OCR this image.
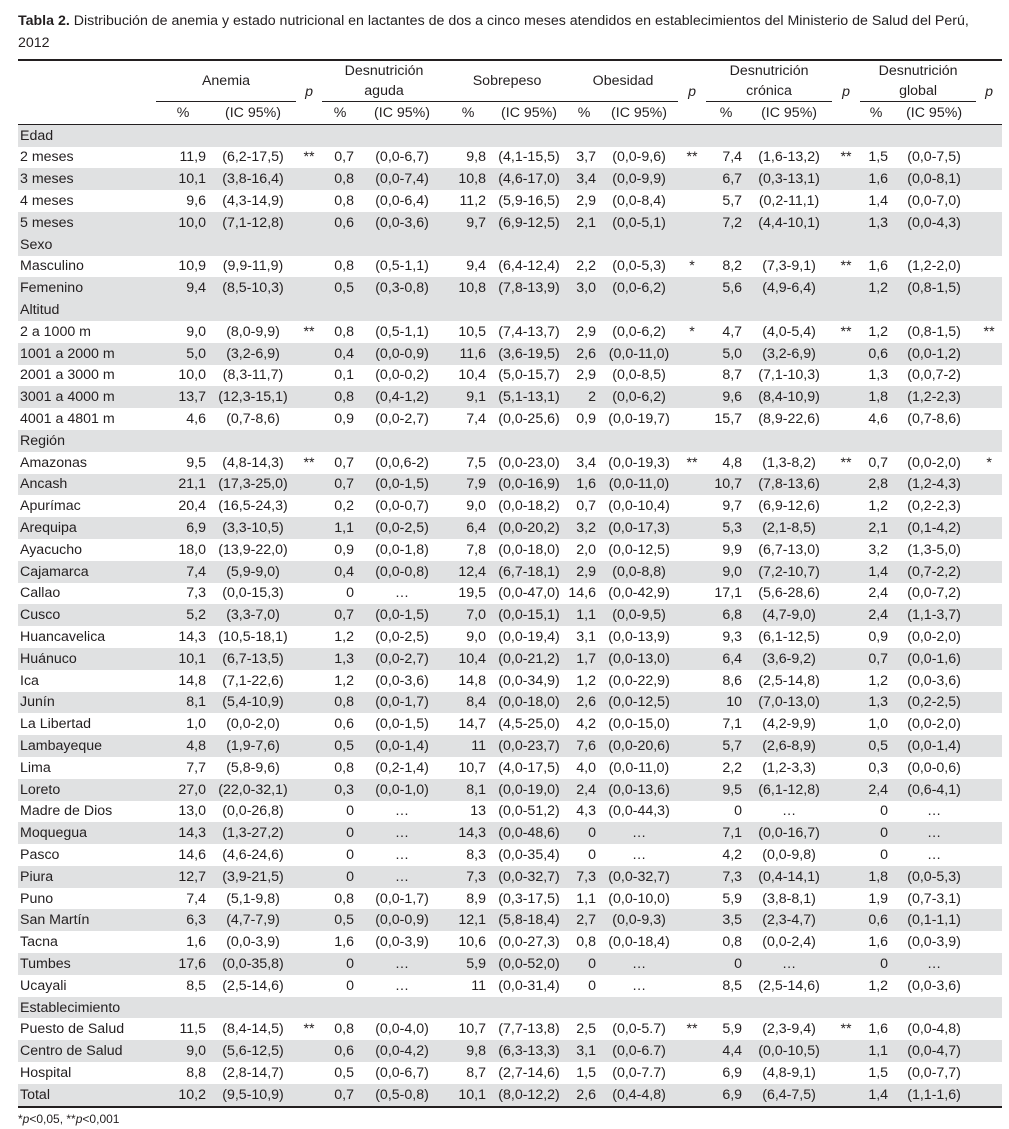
Tabla 2. Distribución de anemia y estado nutricional en lactantes de dos a cinco meses atendidos en establecimientos del Ministerio de Salud del Perú, 2012
	Anemia		p	Desnutrición
aguda		Sobrepeso		Obesidad		p	Desnutrición
crónica		p	Desnutrición
global		p
	%	(IC 95%)		%	(IC 95%)	%	(IC 95%)	%	(IC 95%)		%	(IC 95%)		%	(IC 95%)	
Edad																
2 meses	11,9	(6,2-17,5)	**	0,7	(0,0-6,7)	9,8	(4,1-15,5)	3,7	(0,0-9,6)	**	7,4	(1,6-13,2)	**	1,5	(0,0-7,5)	
3 meses	10,1	(3,8-16,4)		0,8	(0,0-7,4)	10,8	(4,6-17,0)	3,4	(0,0-9,9)		6,7	(0,3-13,1)		1,6	(0,0-8,1)	
4 meses	9,6	(4,3-14,9)		0,8	(0,0-6,4)	11,2	(5,9-16,5)	2,9	(0,0-8,4)		5,7	(0,2-11,1)		1,4	(0,0-7,0)	
5 meses	10,0	(7,1-12,8)		0,6	(0,0-3,6)	9,7	(6,9-12,5)	2,1	(0,0-5,1)		7,2	(4,4-10,1)		1,3	(0,0-4,3)	
Sexo																
Masculino	10,9	(9,9-11,9)		0,8	(0,5-1,1)	9,4	(6,4-12,4)	2,2	(0,0-5,3)	*	8,2	(7,3-9,1)	**	1,6	(1,2-2,0)	
Femenino	9,4	(8,5-10,3)		0,5	(0,3-0,8)	10,8	(7,8-13,9)	3,0	(0,0-6,2)		5,6	(4,9-6,4)		1,2	(0,8-1,5)	
Altitud																
2 a 1000 m	9,0	(8,0-9,9)	**	0,8	(0,5-1,1)	10,5	(7,4-13,7)	2,9	(0,0-6,2)	*	4,7	(4,0-5,4)	**	1,2	(0,8-1,5)	**
1001 a 2000 m	5,0	(3,2-6,9)		0,4	(0,0-0,9)	11,6	(3,6-19,5)	2,6	(0,0-11,0)		5,0	(3,2-6,9)		0,6	(0,0-1,2)	
2001 a 3000 m	10,0	(8,3-11,7)		0,1	(0,0-0,2)	10,4	(5,0-15,7)	2,9	(0,0-8,5)		8,7	(7,1-10,3)		1,3	(0,0,7-2)	
3001 a 4000 m	13,7	(12,3-15,1)		0,8	(0,4-1,2)	9,1	(5,1-13,1)	2	(0,0-6,2)		9,6	(8,4-10,9)		1,8	(1,2-2,3)	
4001 a 4801 m	4,6	(0,7-8,6)		0,9	(0,0-2,7)	7,4	(0,0-25,6)	0,9	(0,0-19,7)		15,7	(8,9-22,6)		4,6	(0,7-8,6)	
Región																
Amazonas	9,5	(4,8-14,3)	**	0,7	(0,0,6-2)	7,5	(0,0-23,0)	3,4	(0,0-19,3)	**	4,8	(1,3-8,2)	**	0,7	(0,0-2,0)	*
Ancash	21,1	(17,3-25,0)		0,7	(0,0-1,5)	7,9	(0,0-16,9)	1,6	(0,0-11,0)		10,7	(7,8-13,6)		2,8	(1,2-4,3)	
Apurímac	20,4	(16,5-24,3)		0,2	(0,0-0,7)	9,0	(0,0-18,2)	0,7	(0,0-10,4)		9,7	(6,9-12,6)		1,2	(0,2-2,3)	
Arequipa	6,9	(3,3-10,5)		1,1	(0,0-2,5)	6,4	(0,0-20,2)	3,2	(0,0-17,3)		5,3	(2,1-8,5)		2,1	(0,1-4,2)	
Ayacucho	18,0	(13,9-22,0)		0,9	(0,0-1,8)	7,8	(0,0-18,0)	2,0	(0,0-12,5)		9,9	(6,7-13,0)		3,2	(1,3-5,0)	
Cajamarca	7,4	(5,9-9,0)		0,4	(0,0-0,8)	12,4	(6,7-18,1)	2,9	(0,0-8,8)		9,0	(7,2-10,7)		1,4	(0,7-2,2)	
Callao	7,3	(0,0-15,3)		0	…	19,5	(0,0-47,0)	14,6	(0,0-42,9)		17,1	(5,6-28,6)		2,4	(0,0-7,2)	
Cusco	5,2	(3,3-7,0)		0,7	(0,0-1,5)	7,0	(0,0-15,1)	1,1	(0,0-9,5)		6,8	(4,7-9,0)		2,4	(1,1-3,7)	
Huancavelica	14,3	(10,5-18,1)		1,2	(0,0-2,5)	9,0	(0,0-19,4)	3,1	(0,0-13,9)		9,3	(6,1-12,5)		0,9	(0,0-2,0)	
Huánuco	10,1	(6,7-13,5)		1,3	(0,0-2,7)	10,4	(0,0-21,2)	1,7	(0,0-13,0)		6,4	(3,6-9,2)		0,7	(0,0-1,6)	
Ica	14,8	(7,1-22,6)		1,2	(0,0-3,6)	14,8	(0,0-34,9)	1,2	(0,0-22,9)		8,6	(2,5-14,8)		1,2	(0,0-3,6)	
Junín	8,1	(5,4-10,9)		0,8	(0,0-1,7)	8,4	(0,0-18,0)	2,6	(0,0-12,5)		10	(7,0-13,0)		1,3	(0,2-2,5)	
La Libertad	1,0	(0,0-2,0)		0,6	(0,0-1,5)	14,7	(4,5-25,0)	4,2	(0,0-15,0)		7,1	(4,2-9,9)		1,0	(0,0-2,0)	
Lambayeque	4,8	(1,9-7,6)		0,5	(0,0-1,4)	11	(0,0-23,7)	7,6	(0,0-20,6)		5,7	(2,6-8,9)		0,5	(0,0-1,4)	
Lima	7,7	(5,8-9,6)		0,8	(0,2-1,4)	10,7	(4,0-17,5)	4,0	(0,0-11,0)		2,2	(1,2-3,3)		0,3	(0,0-0,6)	
Loreto	27,0	(22,0-32,1)		0,3	(0,0-1,0)	8,1	(0,0-19,0)	2,4	(0,0-13,6)		9,5	(6,1-12,8)		2,4	(0,6-4,1)	
Madre de Dios	13,0	(0,0-26,8)		0	…	13	(0,0-51,2)	4,3	(0,0-44,3)		0	…		0	…	
Moquegua	14,3	(1,3-27,2)		0	…	14,3	(0,0-48,6)	0	…		7,1	(0,0-16,7)		0	…	
Pasco	14,6	(4,6-24,6)		0	…	8,3	(0,0-35,4)	0	…		4,2	(0,0-9,8)		0	…	
Piura	12,7	(3,9-21,5)		0	…	7,3	(0,0-32,7)	7,3	(0,0-32,7)		7,3	(0,4-14,1)		1,8	(0,0-5,3)	
Puno	7,4	(5,1-9,8)		0,8	(0,0-1,7)	8,9	(0,3-17,5)	1,1	(0,0-10,0)		5,9	(3,8-8,1)		1,9	(0,7-3,1)	
San Martín	6,3	(4,7-7,9)		0,5	(0,0-0,9)	12,1	(5,8-18,4)	2,7	(0,0-9,3)		3,5	(2,3-4,7)		0,6	(0,1-1,1)	
Tacna	1,6	(0,0-3,9)		1,6	(0,0-3,9)	10,6	(0,0-27,3)	0,8	(0,0-18,4)		0,8	(0,0-2,4)		1,6	(0,0-3,9)	
Tumbes	17,6	(0,0-35,8)		0	…	5,9	(0,0-52,0)	0	…		0	…		0	…	
Ucayali	8,5	(2,5-14,6)		0	…	11	(0,0-31,4)	0	…		8,5	(2,5-14,6)		1,2	(0,0-3,6)	
Establecimiento																
Puesto de Salud	11,5	(8,4-14,5)	**	0,8	(0,0-4,0)	10,7	(7,7-13,8)	2,5	(0,0-5.7)	**	5,9	(2,3-9,4)	**	1,6	(0,0-4,8)	
Centro de Salud	9,0	(5,6-12,5)		0,6	(0,0-4,2)	9,8	(6,3-13,3)	3,1	(0,0-6.7)		4,4	(0,0-10,5)		1,1	(0,0-4,7)	
Hospital	8,8	(2,8-14,7)		0,5	(0,0-6,7)	8,7	(2,7-14,6)	1,5	(0,0-7.7)		6,9	(4,8-9,1)		1,5	(0,0-7,7)	
Total	10,2	(9,5-10,9)		0,7	(0,5-0,8)	10,1	(8,0-12,2)	2,6	(0,4-4,8)		6,9	(6,4-7,5)		1,4	(1,1-1,6)	
*p<0,05, **p<0,001
